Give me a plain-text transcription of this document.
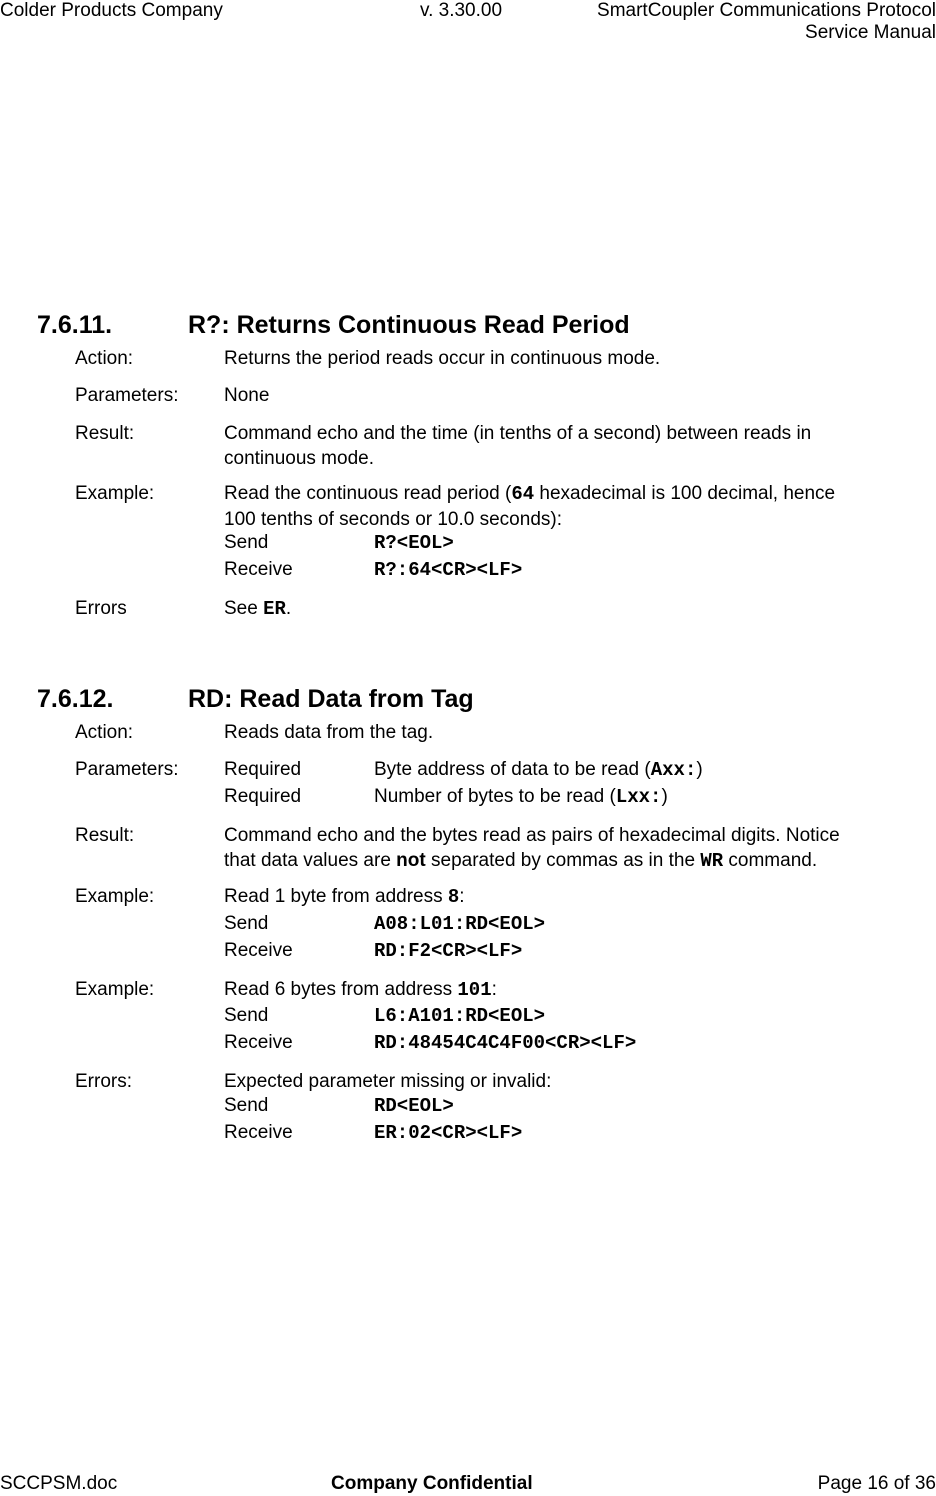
Colder Products Company	v. 3.30.00	SmartCoupler Communications Protocol
Service Manual
7.6.11.	R?: Returns Continuous Read Period
Action:	Returns the period reads occur in continuous mode.
Parameters: None
Result:	Command echo and the time (in tenths of a second) between reads in
continuous mode.
Example:	Read the continuous read period (64 hexadecimal is 100 decimal, hence
100 tenths of seconds or 10.0 seconds):
Send	R?<EOL>
Receive	R?:64<CR><LF>
Errors	See ER.
7.6.12.	RD: Read Data from Tag
Action:	Reads data from the tag.
Parameters: Required	Byte address of data to be read (Axx:)
Required	Number of bytes to be read (Lxx:)
Result:	Command echo and the bytes read as pairs of hexadecimal digits. Notice
that data values are not separated by commas as in the WR command.
Example:	Read 1 byte from address 8:
Send	A08:L01:RD<EOL>
Receive	RD:F2<CR><LF>
Example:	Read 6 bytes from address 101:
Send	L6:A101:RD<EOL>
Receive	RD:48454C4C4F00<CR><LF>
Errors:	Expected parameter missing or invalid:
Send	RD<EOL>
Receive	ER:02<CR><LF>
SCCPSM.doc	Company Confidential	Page 16 of 36
